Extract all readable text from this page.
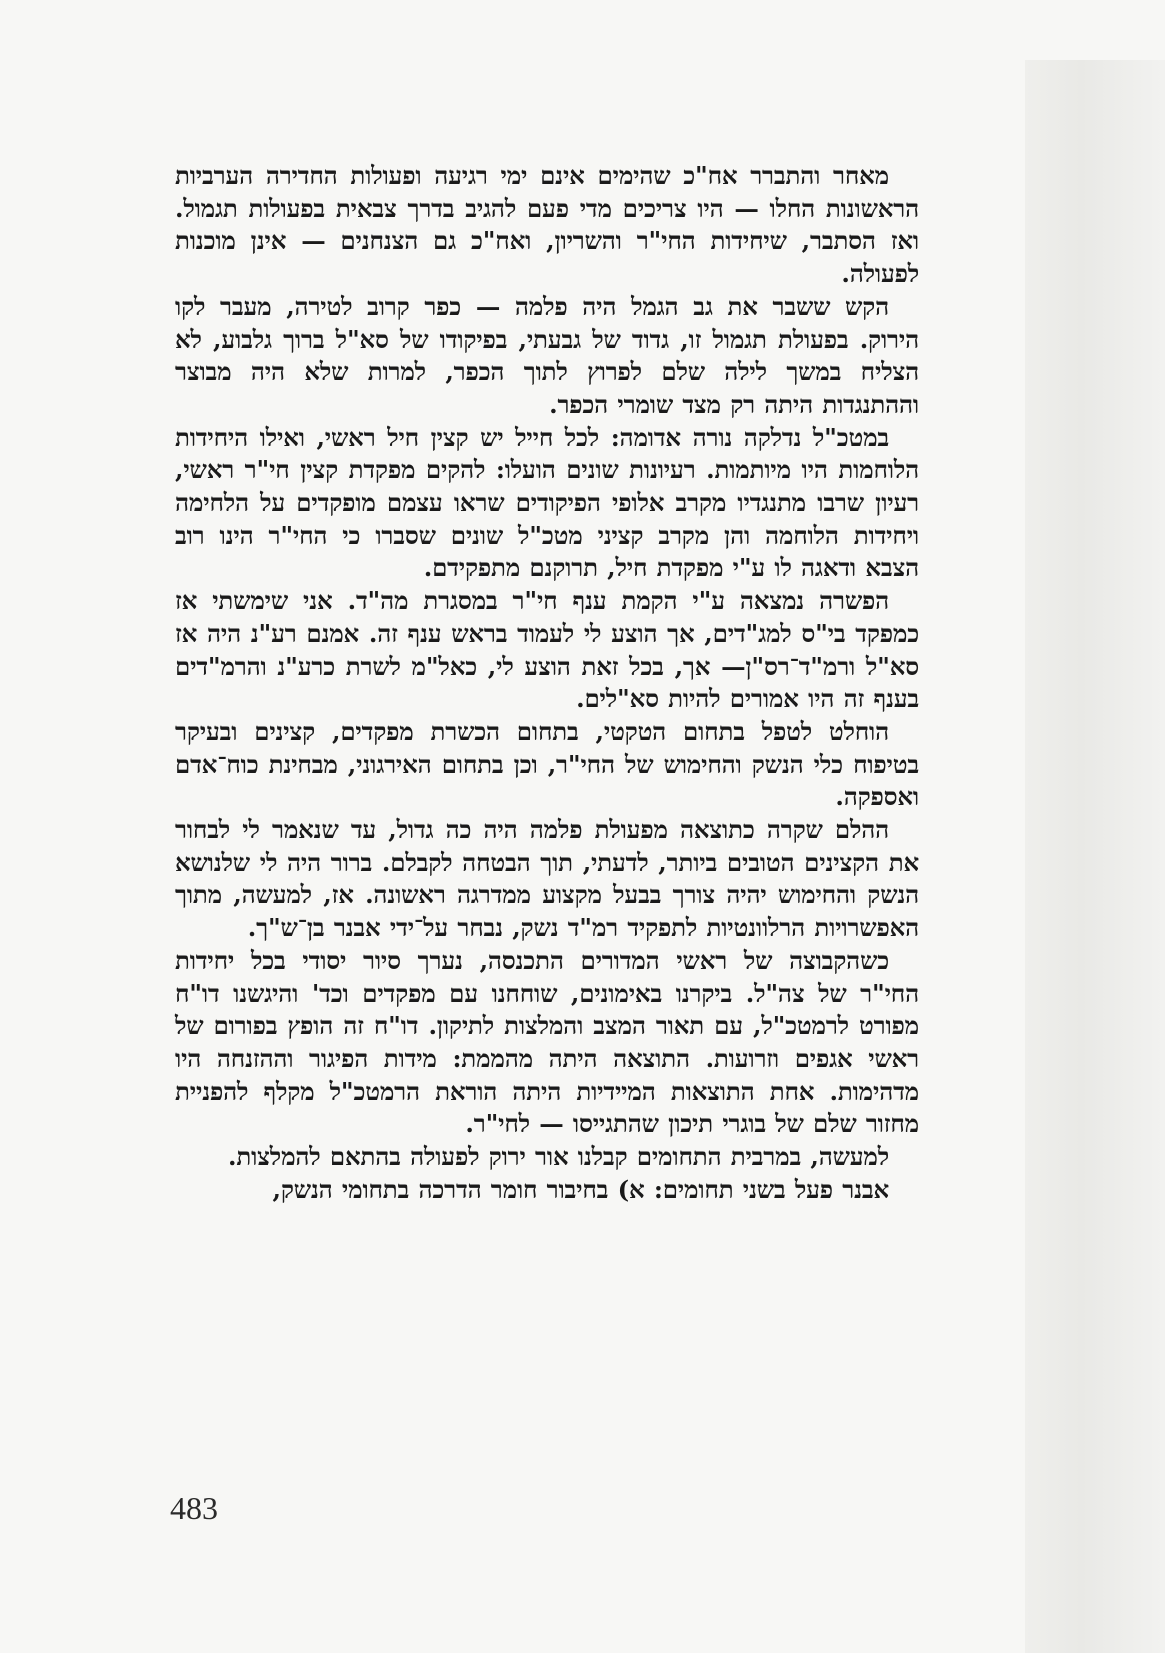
מאחר והתברר אח"כ שהימים אינם ימי רגיעה ופעולות החדירה הערביות הראשונות החלו — היו צריכים מדי פעם להגיב בדרך צבאית בפעולות תגמול. ואז הסתבר, שיחידות החי"ר והשריון, ואח"כ גם הצנחנים — אינן מוכנות לפעולה.

הקש ששבר את גב הגמל היה פלמה — כפר קרוב לטירה, מעבר לקו הירוק. בפעולת תגמול זו, גדוד של גבעתי, בפיקודו של סא"ל ברוך גלבוע, לא הצליח במשך לילה שלם לפרוץ לתוך הכפר, למרות שלא היה מבוצר וההתנגדות היתה רק מצד שומרי הכפר.

במטכ"ל נדלקה נורה אדומה: לכל חייל יש קצין חיל ראשי, ואילו היחידות הלוחמות היו מיותמות. רעיונות שונים הועלו: להקים מפקדת קצין חי"ר ראשי, רעיון שרבו מתנגדיו מקרב אלופי הפיקודים שראו עצמם מופקדים על הלחימה ויחידות הלוחמה והן מקרב קציני מטכ"ל שונים שסברו כי החי"ר הינו רוב הצבא ודאגה לו ע"י מפקדת חיל, תרוקנם מתפקידם.

הפשרה נמצאה ע"י הקמת ענף חי"ר במסגרת מה"ד. אני שימשתי אז כמפקד בי"ס למג"דים, אך הוצע לי לעמוד בראש ענף זה. אמנם רע"נ היה אז סא"ל ורמ"ד־רס"ן— אך, בכל זאת הוצע לי, כאל"מ לשרת כרע"נ והרמ"דים בענף זה היו אמורים להיות סא"לים.

הוחלט לטפל בתחום הטקטי, בתחום הכשרת מפקדים, קצינים ובעיקר בטיפוח כלי הנשק והחימוש של החי"ר, וכן בתחום האירגוני, מבחינת כוח־אדם ואספקה.

ההלם שקרה כתוצאה מפעולת פלמה היה כה גדול, עד שנאמר לי לבחור את הקצינים הטובים ביותר, לדעתי, תוך הבטחה לקבלם. ברור היה לי שלנושא הנשק והחימוש יהיה צורך בבעל מקצוע ממדרגה ראשונה. אז, למעשה, מתוך האפשרויות הרלוונטיות לתפקיד רמ"ד נשק, נבחר על־ידי אבנר בן־ש"ך.

כשהקבוצה של ראשי המדורים התכנסה, נערך סיור יסודי בכל יחידות החי"ר של צה"ל. ביקרנו באימונים, שוחחנו עם מפקדים וכד' והיגשנו דו"ח מפורט לרמטכ"ל, עם תאור המצב והמלצות לתיקון. דו"ח זה הופץ בפורום של ראשי אגפים וזרועות. התוצאה היתה מהממת: מידות הפיגור וההזנחה היו מדהימות. אחת התוצאות המיידיות היתה הוראת הרמטכ"ל מקלף להפניית מחזור שלם של בוגרי תיכון שהתגייסו — לחי"ר.

למעשה, במרבית התחומים קבלנו אור ירוק לפעולה בהתאם להמלצות.

אבנר פעל בשני תחומים: א) בחיבור חומר הדרכה בתחומי הנשק,

483
